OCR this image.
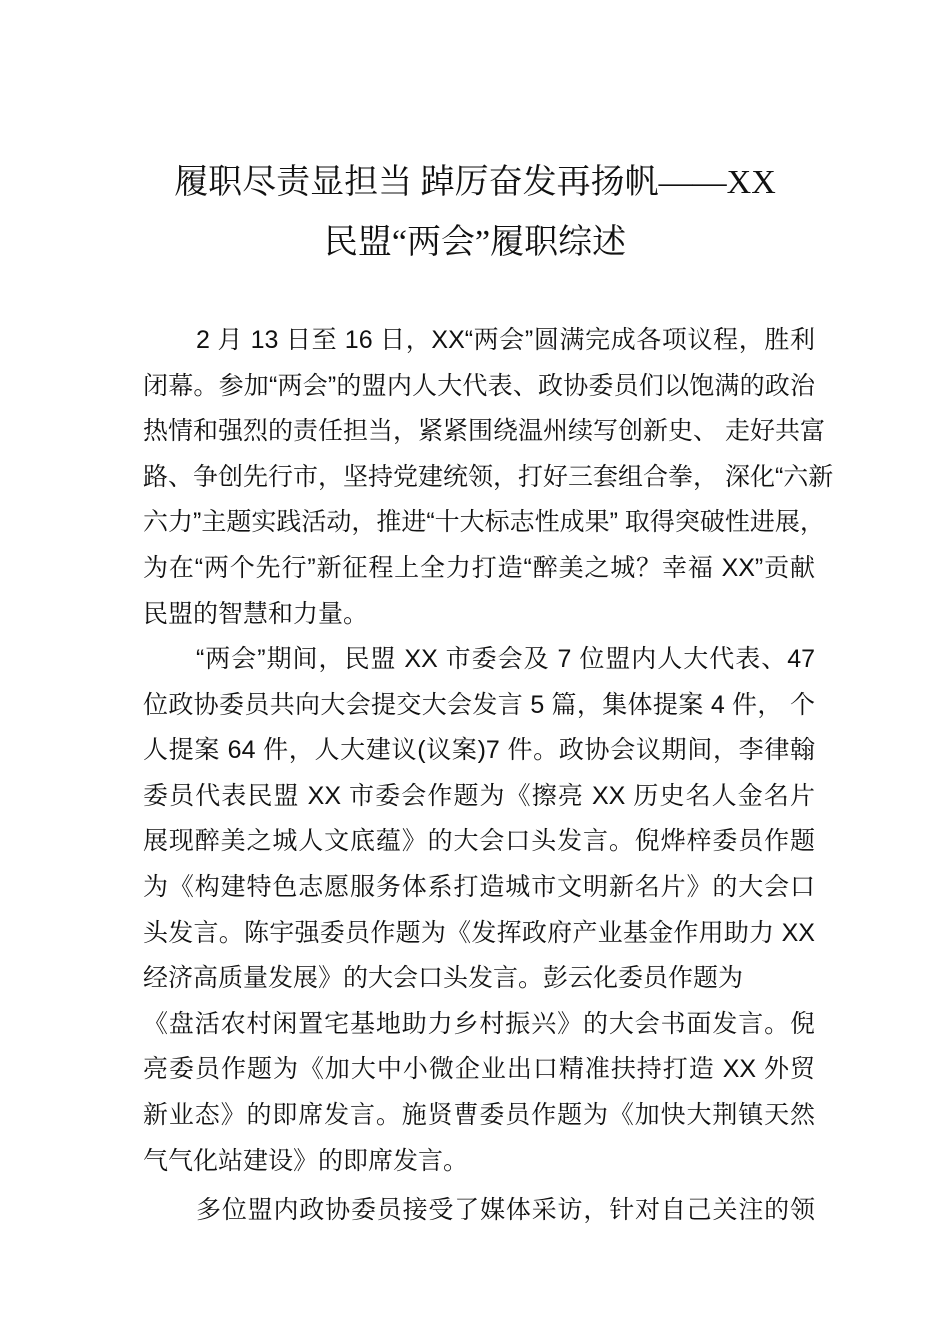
履职尽责显担当 踔厉奋发再扬帆——XX
民盟“两会”履职综述
2 月 13 日至 16 日，XX“两会”圆满完成各项议程，胜利
闭幕。参加“两会”的盟内人大代表、政协委员们以饱满的政治
热情和强烈的责任担当，紧紧围绕温州续写创新史、 走好共富
路、争创先行市，坚持党建统领，打好三套组合拳， 深化“六新
六力”主题实践活动，推进“十大标志性成果” 取得突破性进展，
为在“两个先行”新征程上全力打造“醉美之城？幸福 XX”贡献
民盟的智慧和力量。
“两会”期间，民盟 XX 市委会及 7 位盟内人大代表、47
位政协委员共向大会提交大会发言 5 篇，集体提案 4 件， 个
人提案 64 件，人大建议(议案)7 件。政协会议期间，李律翰
委员代表民盟 XX 市委会作题为《擦亮 XX 历史名人金名片
展现醉美之城人文底蕴》的大会口头发言。倪烨梓委员作题
为《构建特色志愿服务体系打造城市文明新名片》的大会口
头发言。陈宇强委员作题为《发挥政府产业基金作用助力 XX
经济高质量发展》的大会口头发言。彭云化委员作题为
《盘活农村闲置宅基地助力乡村振兴》的大会书面发言。倪
亮委员作题为《加大中小微企业出口精准扶持打造 XX 外贸
新业态》的即席发言。施贤曹委员作题为《加快大荆镇天然
气气化站建设》的即席发言。
多位盟内政协委员接受了媒体采访，针对自己关注的领
